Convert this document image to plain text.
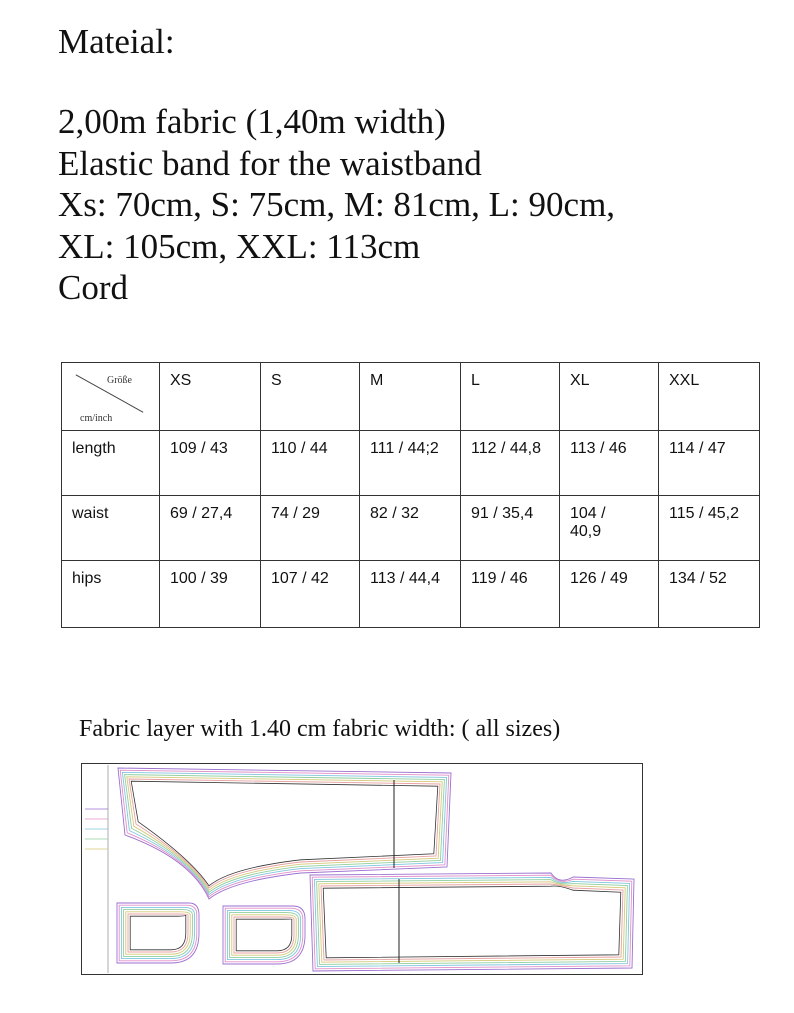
Mateial:
2,00m fabric (1,40m width)
Elastic band for the waistband
Xs: 70cm, S: 75cm, M: 81cm, L: 90cm,
XL: 105cm, XXL: 113cm
Cord
Größe
cm/inch	XS	S	M	L	XL	XXL
length	109 / 43	110 / 44	111 / 44;2	112 / 44,8	113 / 46	114 / 47
waist	69 / 27,4	74 / 29	82 / 32	91 / 35,4	104 / 40,9	115 / 45,2
hips	100 / 39	107 / 42	113 / 44,4	119 / 46	126 / 49	134 / 52
Fabric layer with 1.40 cm fabric width: ( all sizes)
